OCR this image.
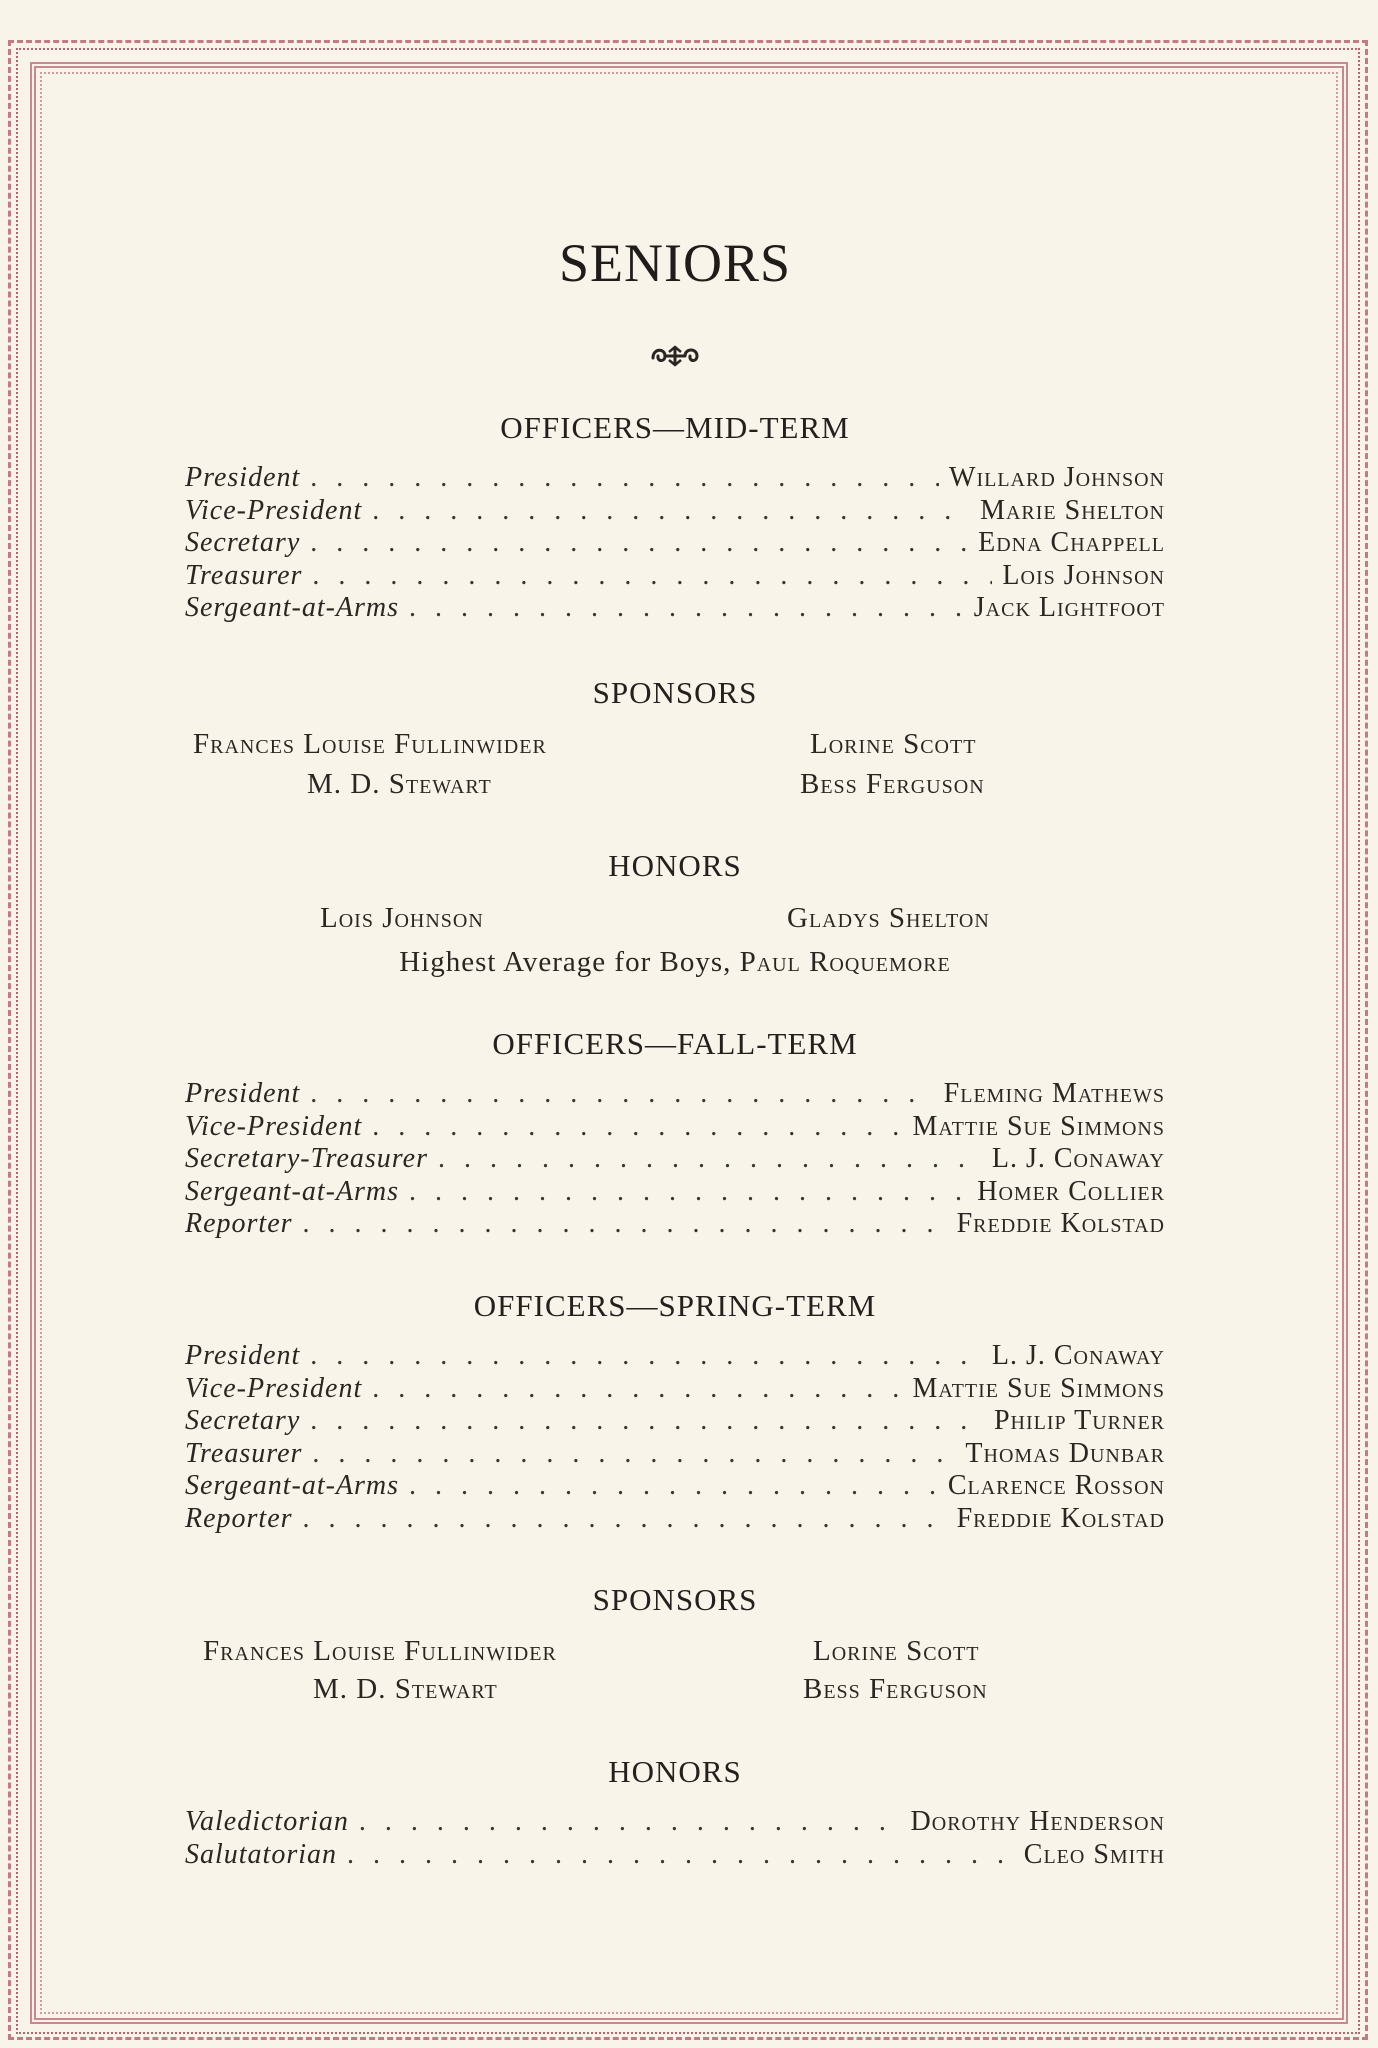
SENIORS
OFFICERS—MID-TERM
President . . .	Willard Johnson
Vice-President . . .	Marie Shelton
Secretary . . .	Edna Chappell
Treasurer . . .	Lois Johnson
Sergeant-at-Arms . . .	Jack Lightfoot
SPONSORS
Frances Louise Fullinwider	Lorine Scott
M. D. Stewart	Bess Ferguson
HONORS
Lois Johnson	Gladys Shelton
Highest Average for Boys, Paul Roquemore
OFFICERS—FALL-TERM
President . . .	Fleming Mathews
Vice-President . . .	Mattie Sue Simmons
Secretary-Treasurer . . .	L. J. Conaway
Sergeant-at-Arms . . .	Homer Collier
Reporter . . .	Freddie Kolstad
OFFICERS—SPRING-TERM
President . . .	L. J. Conaway
Vice-President . . .	Mattie Sue Simmons
Secretary . . .	Philip Turner
Treasurer . . .	Thomas Dunbar
Sergeant-at-Arms . . .	Clarence Rosson
Reporter . . .	Freddie Kolstad
SPONSORS
Frances Louise Fullinwider	Lorine Scott
M. D. Stewart	Bess Ferguson
HONORS
Valedictorian . . .	Dorothy Henderson
Salutatorian . . .	Cleo Smith
